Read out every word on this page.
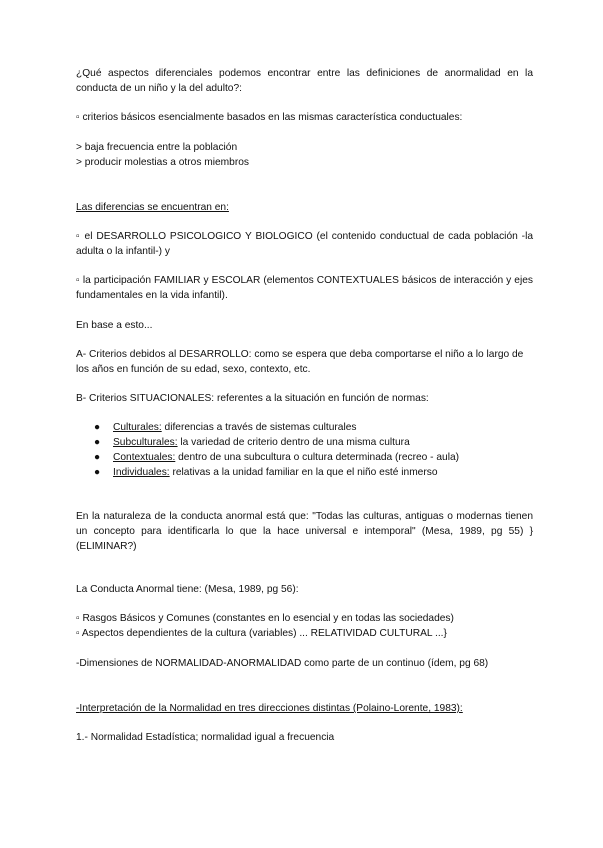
¿Qué aspectos diferenciales podemos encontrar entre las definiciones de anormalidad en la conducta de un niño y la del adulto?:

▫ criterios básicos esencialmente basados en las mismas característica conductuales:

> baja frecuencia entre la población

> producir molestias a otros miembros

Las diferencias se encuentran en:

▫ el DESARROLLO PSICOLOGICO Y BIOLOGICO (el contenido conductual de cada población -la adulta o la infantil-) y

▫ la participación FAMILIAR y ESCOLAR (elementos CONTEXTUALES básicos de interacción y ejes fundamentales en la vida infantil).

En base a esto...

A- Criterios debidos al DESARROLLO: como se espera que deba comportarse el niño a lo largo de los años en función de su edad, sexo, contexto, etc.

B- Criterios SITUACIONALES: referentes a la situación en función de normas:

● Culturales: diferencias a través de sistemas culturales
● Subculturales: la variedad de criterio dentro de una misma cultura
● Contextuales: dentro de una subcultura o cultura determinada (recreo - aula)
● Individuales: relativas a la unidad familiar en la que el niño esté inmerso

En la naturaleza de la conducta anormal está que: "Todas las culturas, antiguas o modernas tienen un concepto para identificarla lo que la hace universal e intemporal" (Mesa, 1989, pg 55) } (ELIMINAR?)

La Conducta Anormal tiene: (Mesa, 1989, pg 56):

▫ Rasgos Básicos y Comunes (constantes en lo esencial y en todas las sociedades)

▫ Aspectos dependientes de la cultura (variables) ... RELATIVIDAD CULTURAL ...}

-Dimensiones de NORMALIDAD-ANORMALIDAD como parte de un continuo (ídem, pg 68)

-Interpretación de la Normalidad en tres direcciones distintas (Polaino-Lorente, 1983):

1.- Normalidad Estadística; normalidad igual a frecuencia
